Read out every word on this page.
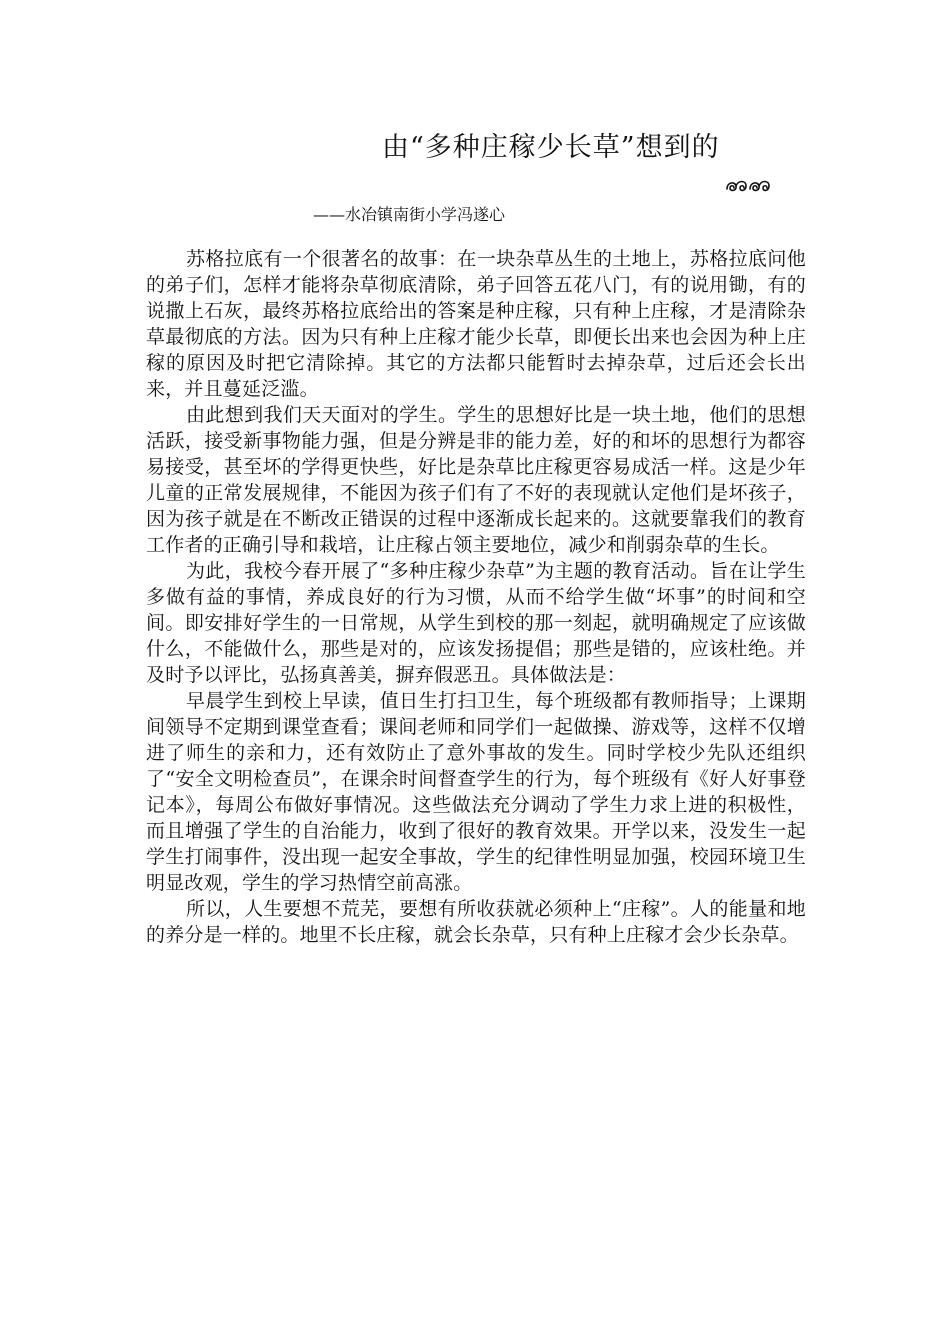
由“多种庄稼少长草”想到的
——水冶镇南街小学冯遂心

苏格拉底有一个很著名的故事：在一块杂草丛生的土地上，苏格拉底问他的弟子们，怎样才能将杂草彻底清除，弟子回答五花八门，有的说用锄，有的说撒上石灰，最终苏格拉底给出的答案是种庄稼，只有种上庄稼，才是清除杂草最彻底的方法。因为只有种上庄稼才能少长草，即便长出来也会因为种上庄稼的原因及时把它清除掉。其它的方法都只能暂时去掉杂草，过后还会长出来，并且蔓延泛滥。

由此想到我们天天面对的学生。学生的思想好比是一块土地，他们的思想活跃，接受新事物能力强，但是分辨是非的能力差，好的和坏的思想行为都容易接受，甚至坏的学得更快些，好比是杂草比庄稼更容易成活一样。这是少年儿童的正常发展规律，不能因为孩子们有了不好的表现就认定他们是坏孩子，因为孩子就是在不断改正错误的过程中逐渐成长起来的。这就要靠我们的教育工作者的正确引导和栽培，让庄稼占领主要地位，减少和削弱杂草的生长。

为此，我校今春开展了“多种庄稼少杂草”为主题的教育活动。旨在让学生多做有益的事情，养成良好的行为习惯，从而不给学生做“坏事”的时间和空间。即安排好学生的一日常规，从学生到校的那一刻起，就明确规定了应该做什么，不能做什么，那些是对的，应该发扬提倡；那些是错的，应该杜绝。并及时予以评比，弘扬真善美，摒弃假恶丑。具体做法是：

早晨学生到校上早读，值日生打扫卫生，每个班级都有教师指导；上课期间领导不定期到课堂查看；课间老师和同学们一起做操、游戏等，这样不仅增进了师生的亲和力，还有效防止了意外事故的发生。同时学校少先队还组织了“安全文明检查员”，在课余时间督查学生的行为，每个班级有《好人好事登记本》，每周公布做好事情况。这些做法充分调动了学生力求上进的积极性，而且增强了学生的自治能力，收到了很好的教育效果。开学以来，没发生一起学生打闹事件，没出现一起安全事故，学生的纪律性明显加强，校园环境卫生明显改观，学生的学习热情空前高涨。

所以，人生要想不荒芜，要想有所收获就必须种上“庄稼”。人的能量和地的养分是一样的。地里不长庄稼，就会长杂草，只有种上庄稼才会少长杂草。
